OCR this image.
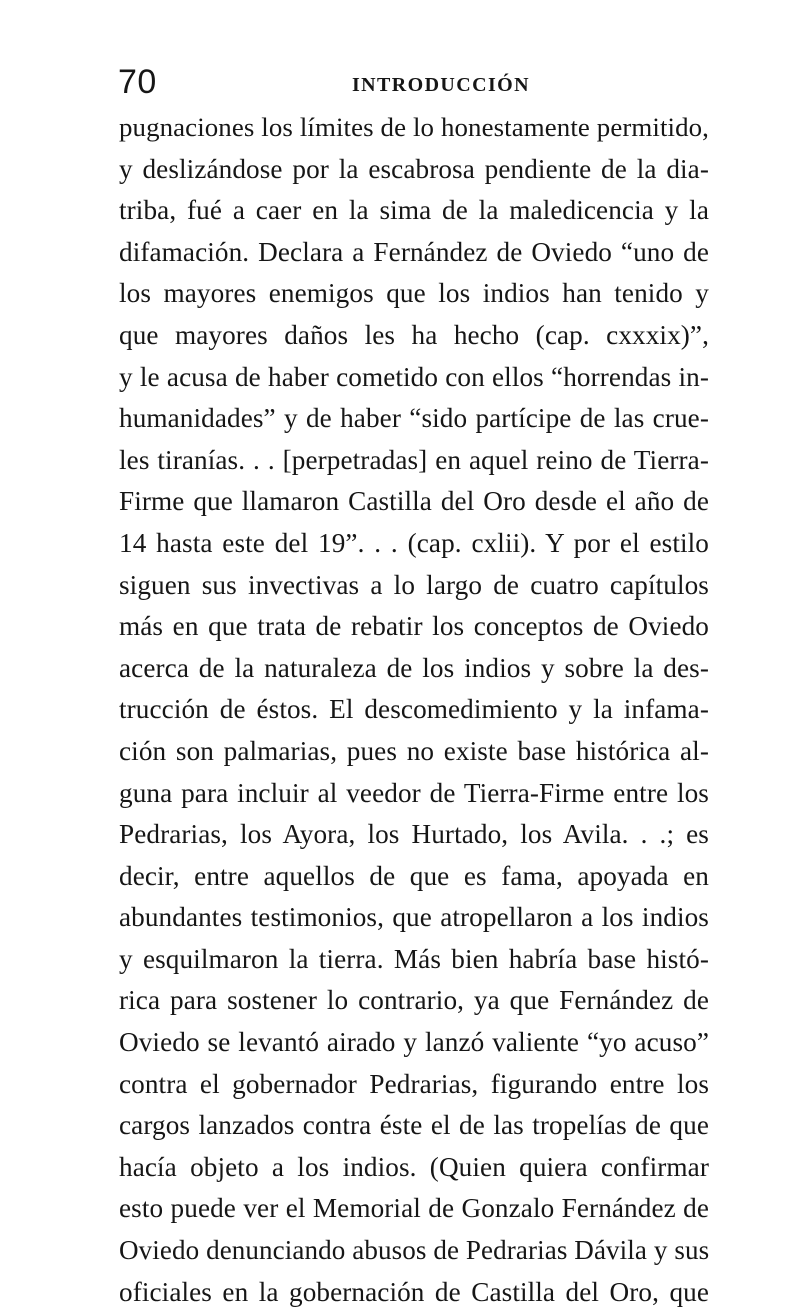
70	INTRODUCCIÓN
pugnaciones los límites de lo honestamente permitido,
y deslizándose por la escabrosa pendiente de la dia-
triba, fué a caer en la sima de la maledicencia y la
difamación. Declara a Fernández de Oviedo “uno de
los mayores enemigos que los indios han tenido y
que mayores daños les ha hecho (cap. cxxxix)”,
y le acusa de haber cometido con ellos “horrendas in-
humanidades” y de haber “sido partícipe de las crue-
les tiranías. . . [perpetradas] en aquel reino de Tierra-
Firme que llamaron Castilla del Oro desde el año de
14 hasta este del 19”. . . (cap. cxlii). Y por el estilo
siguen sus invectivas a lo largo de cuatro capítulos
más en que trata de rebatir los conceptos de Oviedo
acerca de la naturaleza de los indios y sobre la des-
trucción de éstos. El descomedimiento y la infama-
ción son palmarias, pues no existe base histórica al-
guna para incluir al veedor de Tierra-Firme entre los
Pedrarias, los Ayora, los Hurtado, los Avila. . .; es
decir, entre aquellos de que es fama, apoyada en
abundantes testimonios, que atropellaron a los indios
y esquilmaron la tierra. Más bien habría base histó-
rica para sostener lo contrario, ya que Fernández de
Oviedo se levantó airado y lanzó valiente “yo acuso”
contra el gobernador Pedrarias, figurando entre los
cargos lanzados contra éste el de las tropelías de que
hacía objeto a los indios. (Quien quiera confirmar
esto puede ver el Memorial de Gonzalo Fernández de
Oviedo denunciando abusos de Pedrarias Dávila y sus
oficiales en la gobernación de Castilla del Oro, que
